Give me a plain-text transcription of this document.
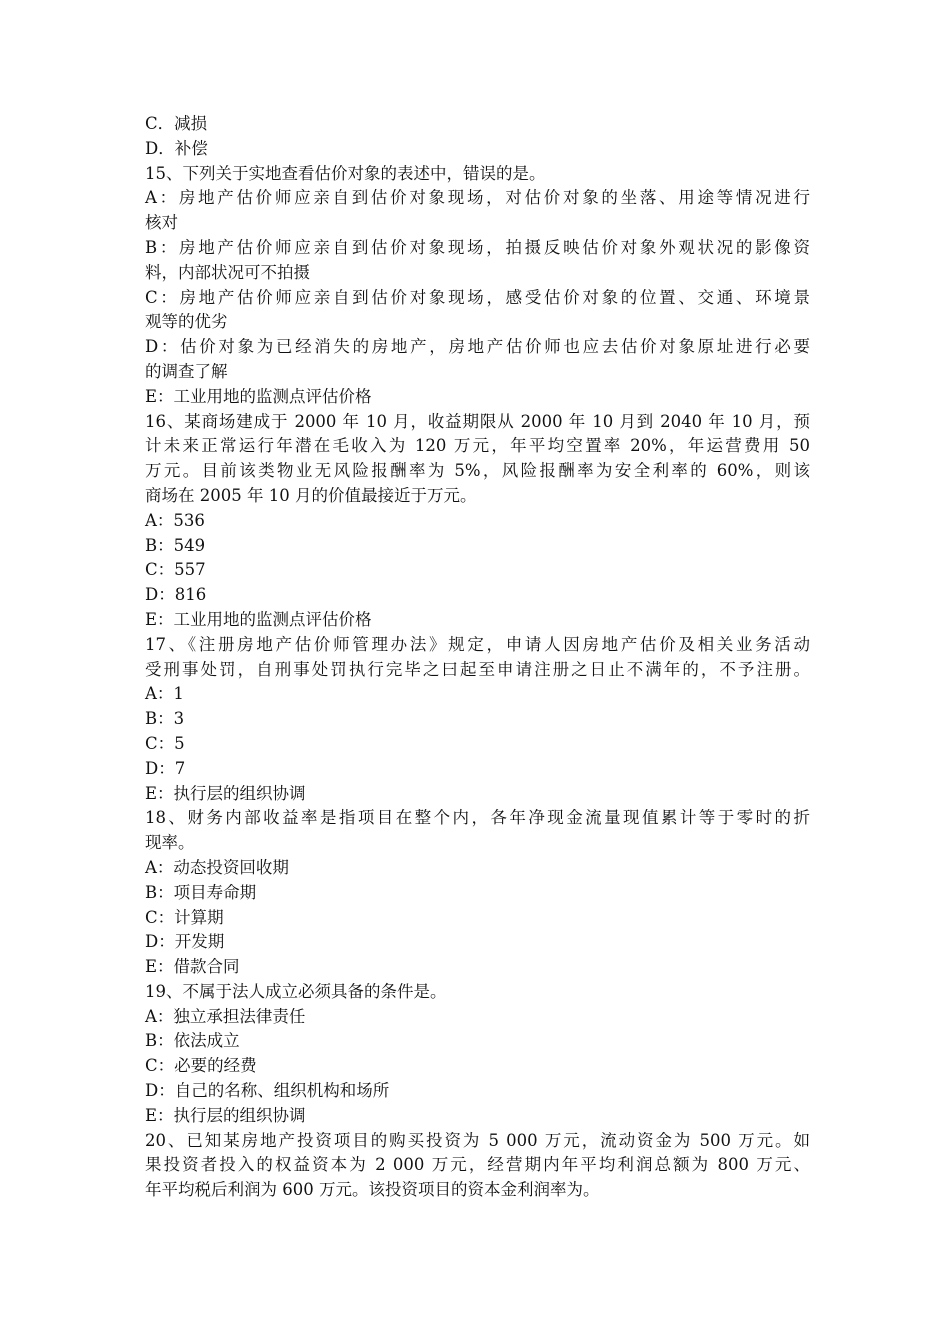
C．减损
D．补偿
15、下列关于实地查看估价对象的表述中，错误的是。
A：房地产估价师应亲自到估价对象现场，对估价对象的坐落、用途等情况进行
核对
B：房地产估价师应亲自到估价对象现场，拍摄反映估价对象外观状况的影像资
料，内部状况可不拍摄
C：房地产估价师应亲自到估价对象现场，感受估价对象的位置、交通、环境景
观等的优劣
D：估价对象为已经消失的房地产，房地产估价师也应去估价对象原址进行必要
的调查了解
E：工业用地的监测点评估价格
16、某商场建成于 2000 年 10 月，收益期限从 2000 年 10 月到 2040 年 10 月，预
计未来正常运行年潜在毛收入为 120 万元，年平均空置率 20%，年运营费用 50
万元。目前该类物业无风险报酬率为 5%，风险报酬率为安全利率的 60%，则该
商场在 2005 年 10 月的价值最接近于万元。
A：536
B：549
C：557
D：816
E：工业用地的监测点评估价格
17、《注册房地产估价师管理办法》规定，申请人因房地产估价及相关业务活动
受刑事处罚，自刑事处罚执行完毕之曰起至申请注册之日止不满年的，不予注册。
A：1
B：3
C：5
D：7
E：执行层的组织协调
18、财务内部收益率是指项目在整个内，各年净现金流量现值累计等于零时的折
现率。
A：动态投资回收期
B：项目寿命期
C：计算期
D：开发期
E：借款合同
19、不属于法人成立必须具备的条件是。
A：独立承担法律责任
B：依法成立
C：必要的经费
D：自己的名称、组织机构和场所
E：执行层的组织协调
20、已知某房地产投资项目的购买投资为 5 000 万元，流动资金为 500 万元。如
果投资者投入的权益资本为 2 000 万元，经营期内年平均利润总额为 800 万元、
年平均税后利润为 600 万元。该投资项目的资本金利润率为。
